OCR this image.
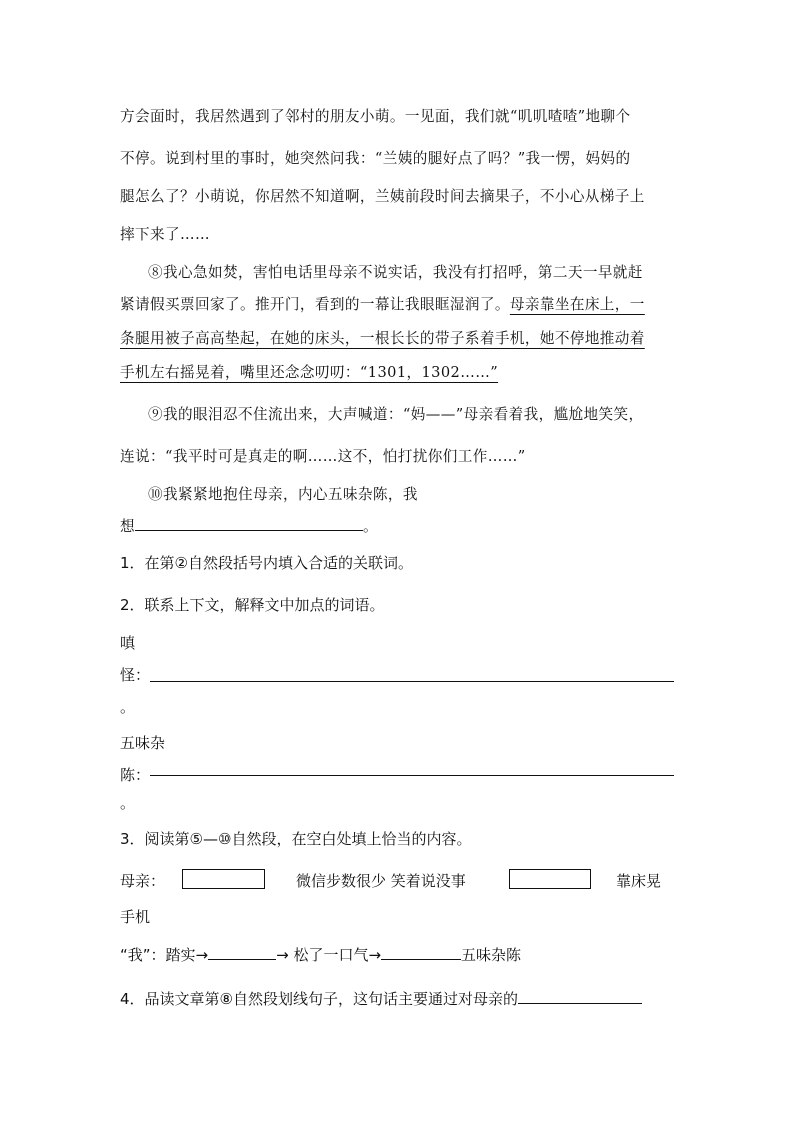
方会面时，我居然遇到了邻村的朋友小萌。一见面，我们就“叽叽喳喳”地聊个
不停。说到村里的事时，她突然问我：“兰姨的腿好点了吗？”我一愣，妈妈的
腿怎么了？小萌说，你居然不知道啊，兰姨前段时间去摘果子，不小心从梯子上
摔下来了……
⑧我心急如焚，害怕电话里母亲不说实话，我没有打招呼，第二天一早就赶
紧请假买票回家了。推开门，看到的一幕让我眼眶湿润了。母亲靠坐在床上，一
条腿用被子高高垫起，在她的床头，一根长长的带子系着手机，她不停地推动着
手机左右摇晃着，嘴里还念念叨叨：“1301，1302……”
⑨我的眼泪忍不住流出来，大声喊道：“妈——”母亲看着我，尴尬地笑笑，
连说：“我平时可是真走的啊……这不，怕打扰你们工作……”
⑩我紧紧地抱住母亲，内心五味杂陈，我
想	。
1．在第②自然段括号内填入合适的关联词。
2．联系上下文，解释文中加点的词语。
嗔
怪：
。
五味杂
陈：
。
3．阅读第⑤—⑩自然段，在空白处填上恰当的内容。
母亲：	微信步数很少 笑着说没事	靠床晃
手机
“我”：踏实→	→ 松了一口气→	五味杂陈
4．品读文章第⑧自然段划线句子，这句话主要通过对母亲的
